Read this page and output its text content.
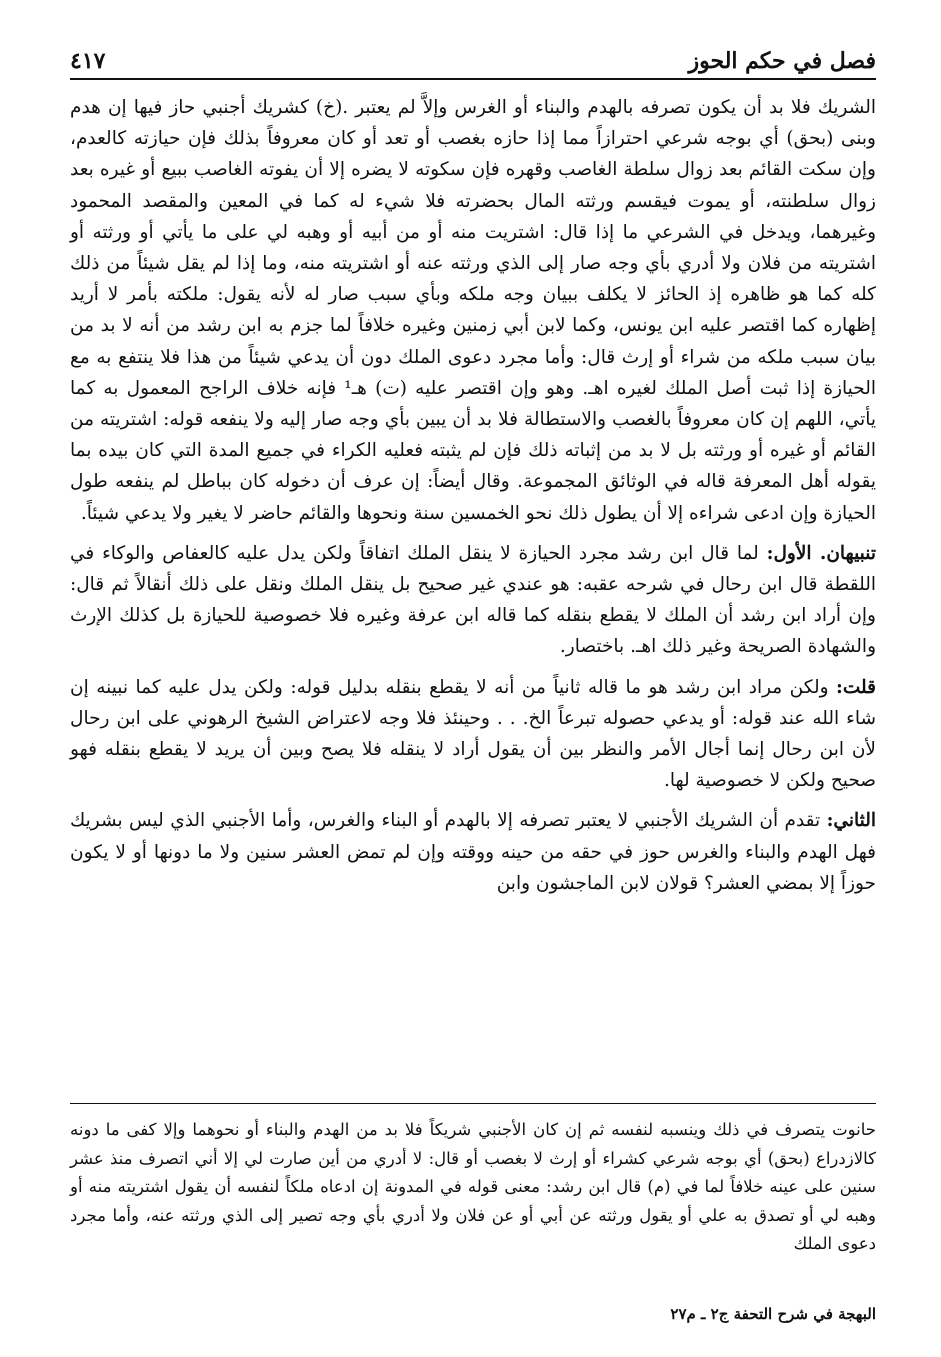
فصل في حكم الحوز
٤١٧

الشريك فلا بد أن يكون تصرفه بالهدم والبناء أو الغرس وإلاَّ لم يعتبر .(خ) كشريك أجنبي حاز فيها إن هدم وبنى (بحق) أي بوجه شرعي احترازاً مما إذا حازه بغصب أو تعد أو كان معروفاً بذلك فإن حيازته كالعدم، وإن سكت القائم بعد زوال سلطة الغاصب وقهره فإن سكوته لا يضره إلا أن يفوته الغاصب ببيع أو غيره بعد زوال سلطنته، أو يموت فيقسم ورثته المال بحضرته فلا شيء له كما في المعين والمقصد المحمود وغيرهما، ويدخل في الشرعي ما إذا قال: اشتريت منه أو من أبيه أو وهبه لي على ما يأتي أو ورثته أو اشتريته من فلان ولا أدري بأي وجه صار إلى الذي ورثته عنه أو اشتريته منه، وما إذا لم يقل شيئاً من ذلك كله كما هو ظاهره إذ الحائز لا يكلف ببيان وجه ملكه وبأي سبب صار له لأنه يقول: ملكته بأمر لا أريد إظهاره كما اقتصر عليه ابن يونس، وكما لابن أبي زمنين وغيره خلافاً لما جزم به ابن رشد من أنه لا بد من بيان سبب ملكه من شراء أو إرث قال: وأما مجرد دعوى الملك دون أن يدعي شيئاً من هذا فلا ينتفع به مع الحيازة إذا ثبت أصل الملك لغيره اهـ. وهو وإن اقتصر عليه (ت) هـ¹ فإنه خلاف الراجح المعمول به كما يأتي، اللهم إن كان معروفاً بالغصب والاستطالة فلا بد أن يبين بأي وجه صار إليه ولا ينفعه قوله: اشتريته من القائم أو غيره أو ورثته بل لا بد من إثباته ذلك فإن لم يثبته فعليه الكراء في جميع المدة التي كان بيده بما يقوله أهل المعرفة قاله في الوثائق المجموعة. وقال أيضاً: إن عرف أن دخوله كان بباطل لم ينفعه طول الحيازة وإن ادعى شراءه إلا أن يطول ذلك نحو الخمسين سنة ونحوها والقائم حاضر لا يغير ولا يدعي شيئاً.

تنبيهان. الأول: لما قال ابن رشد مجرد الحيازة لا ينقل الملك اتفاقاً ولكن يدل عليه كالعفاص والوكاء في اللقطة قال ابن رحال في شرحه عقبه: هو عندي غير صحيح بل ينقل الملك ونقل على ذلك أنقالاً ثم قال: وإن أراد ابن رشد أن الملك لا يقطع بنقله كما قاله ابن عرفة وغيره فلا خصوصية للحيازة بل كذلك الإرث والشهادة الصريحة وغير ذلك اهـ. باختصار.

قلت: ولكن مراد ابن رشد هو ما قاله ثانياً من أنه لا يقطع بنقله بدليل قوله: ولكن يدل عليه كما نبينه إن شاء الله عند قوله: أو يدعي حصوله تبرعاً الخ. . . وحينئذ فلا وجه لاعتراض الشيخ الرهوني على ابن رحال لأن ابن رحال إنما أجال الأمر والنظر بين أن يقول أراد لا ينقله فلا يصح وبين أن يريد لا يقطع بنقله فهو صحيح ولكن لا خصوصية لها.

الثاني: تقدم أن الشريك الأجنبي لا يعتبر تصرفه إلا بالهدم أو البناء والغرس، وأما الأجنبي الذي ليس بشريك فهل الهدم والبناء والغرس حوز في حقه من حينه ووقته وإن لم تمض العشر سنين ولا ما دونها أو لا يكون حوزاً إلا بمضي العشر؟ قولان لابن الماجشون وابن

حانوت يتصرف في ذلك وينسبه لنفسه ثم إن كان الأجنبي شريكاً فلا بد من الهدم والبناء أو نحوهما وإلا كفى ما دونه كالازدراع (بحق) أي بوجه شرعي كشراء أو إرث لا بغصب أو قال: لا أدري من أين صارت لي إلا أني اتصرف منذ عشر سنين على عينه خلافاً لما في (م) قال ابن رشد: معنى قوله في المدونة إن ادعاه ملكاً لنفسه أن يقول اشتريته منه أو وهبه لي أو تصدق به علي أو يقول ورثته عن أبي أو عن فلان ولا أدري بأي وجه تصير إلى الذي ورثته عنه، وأما مجرد دعوى الملك
البهجة في شرح التحفة ج٢ ـ م٢٧
